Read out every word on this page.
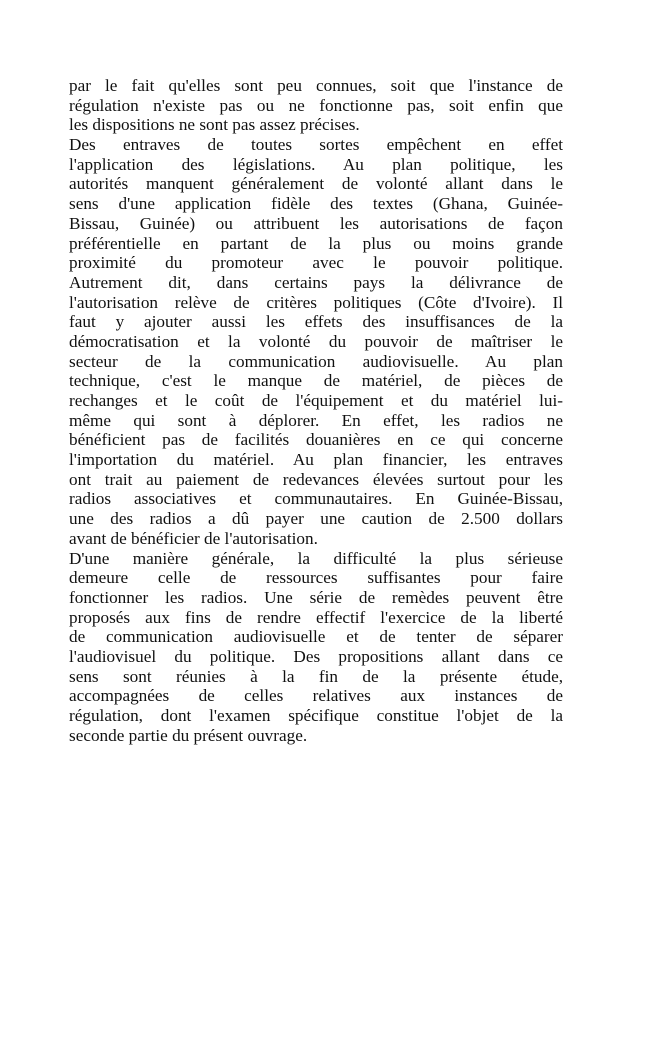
par le fait qu'elles sont peu connues, soit que l'instance de
régulation n'existe pas ou ne fonctionne pas, soit enfin que
les dispositions ne sont pas assez précises.
Des entraves de toutes sortes empêchent en effet
l'application des législations. Au plan politique, les
autorités manquent généralement de volonté allant dans le
sens d'une application fidèle des textes (Ghana, Guinée-
Bissau, Guinée) ou attribuent les autorisations de façon
préférentielle en partant de la plus ou moins grande
proximité du promoteur avec le pouvoir politique.
Autrement dit, dans certains pays la délivrance de
l'autorisation relève de critères politiques (Côte d'Ivoire). Il
faut y ajouter aussi les effets des insuffisances de la
démocratisation et la volonté du pouvoir de maîtriser le
secteur de la communication audiovisuelle. Au plan
technique, c'est le manque de matériel, de pièces de
rechanges et le coût de l'équipement et du matériel lui-
même qui sont à déplorer. En effet, les radios ne
bénéficient pas de facilités douanières en ce qui concerne
l'importation du matériel. Au plan financier, les entraves
ont trait au paiement de redevances élevées surtout pour les
radios associatives et communautaires. En Guinée-Bissau,
une des radios a dû payer une caution de 2.500 dollars
avant de bénéficier de l'autorisation.
D'une manière générale, la difficulté la plus sérieuse
demeure celle de ressources suffisantes pour faire
fonctionner les radios. Une série de remèdes peuvent être
proposés aux fins de rendre effectif l'exercice de la liberté
de communication audiovisuelle et de tenter de séparer
l'audiovisuel du politique. Des propositions allant dans ce
sens sont réunies à la fin de la présente étude,
accompagnées de celles relatives aux instances de
régulation, dont l'examen spécifique constitue l'objet de la
seconde partie du présent ouvrage.
